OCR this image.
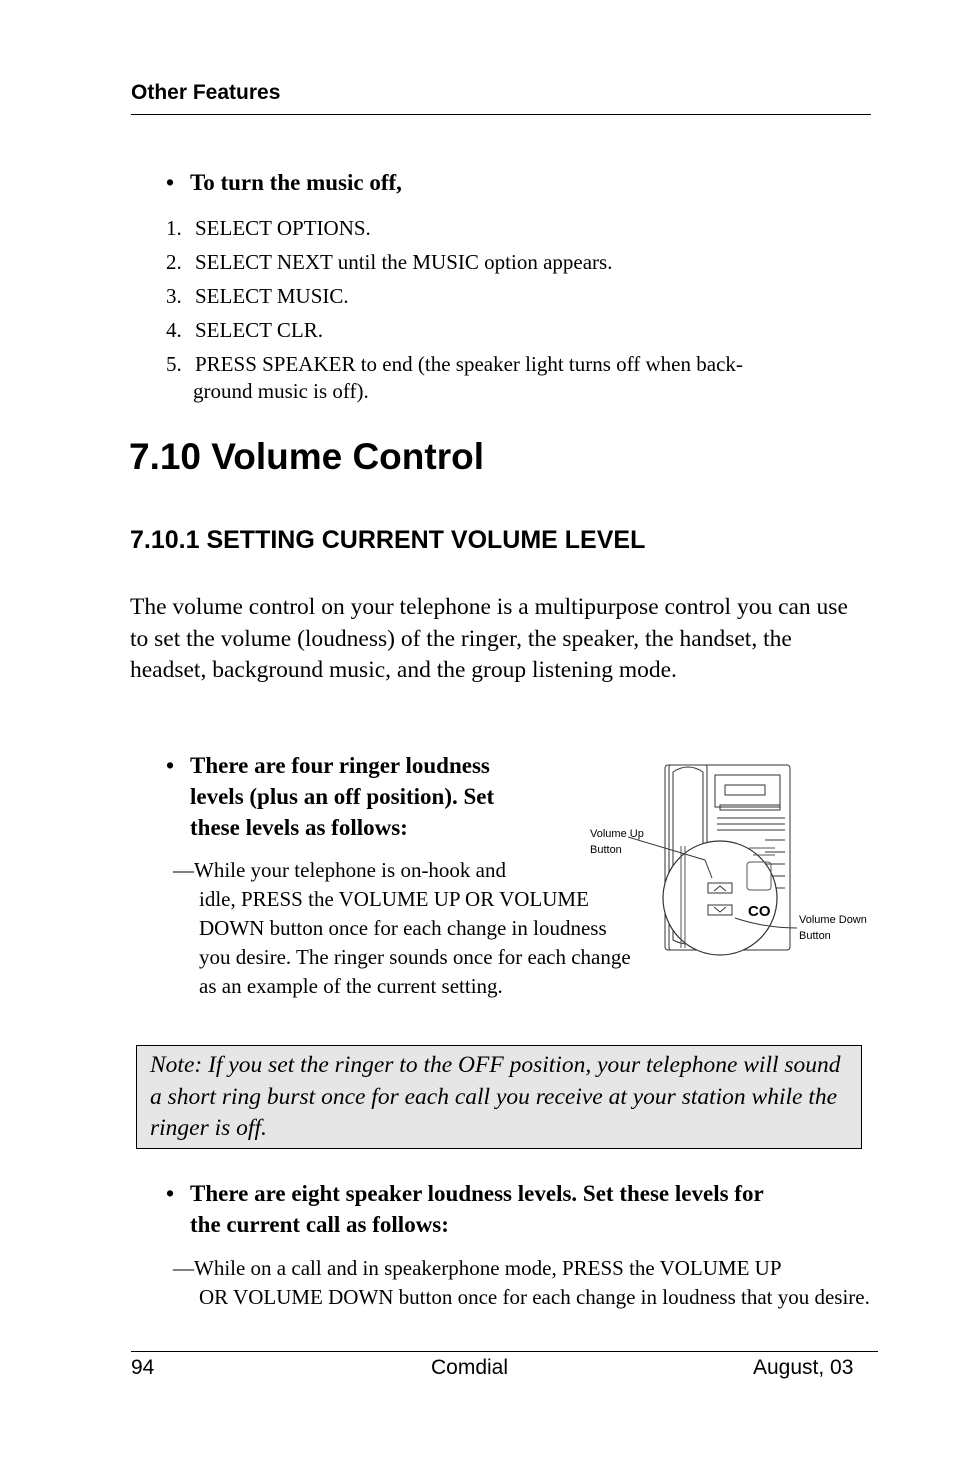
Other Features
• To turn the music off,
1. SELECT OPTIONS.
2. SELECT NEXT until the MUSIC option appears.
3. SELECT MUSIC.
4. SELECT CLR.
5. PRESS SPEAKER to end (the speaker light turns off when back-
ground music is off).
7.10 Volume Control
7.10.1 SETTING CURRENT VOLUME LEVEL
The volume control on your telephone is a multipurpose control you can use to set the volume (loudness) of the ringer, the speaker, the handset, the headset, background music, and the group listening mode.
• There are four ringer loudness
levels (plus an off position). Set
these levels as follows:
—While your telephone is on-hook and
idle, PRESS the VOLUME UP OR VOLUME DOWN button once for each change in loudness you desire. The ringer sounds once for each change as an example of the current setting.
CO
Volume Up
Button
Volume Down
Button
Note: If you set the ringer to the OFF position, your telephone will sound a short ring burst once for each call you receive at your station while the ringer is off.
• There are eight speaker loudness levels. Set these levels for
the current call as follows:
—While on a call and in speakerphone mode, PRESS the VOLUME UP
OR VOLUME DOWN button once for each change in loudness that you desire.
94	Comdial	August, 03
